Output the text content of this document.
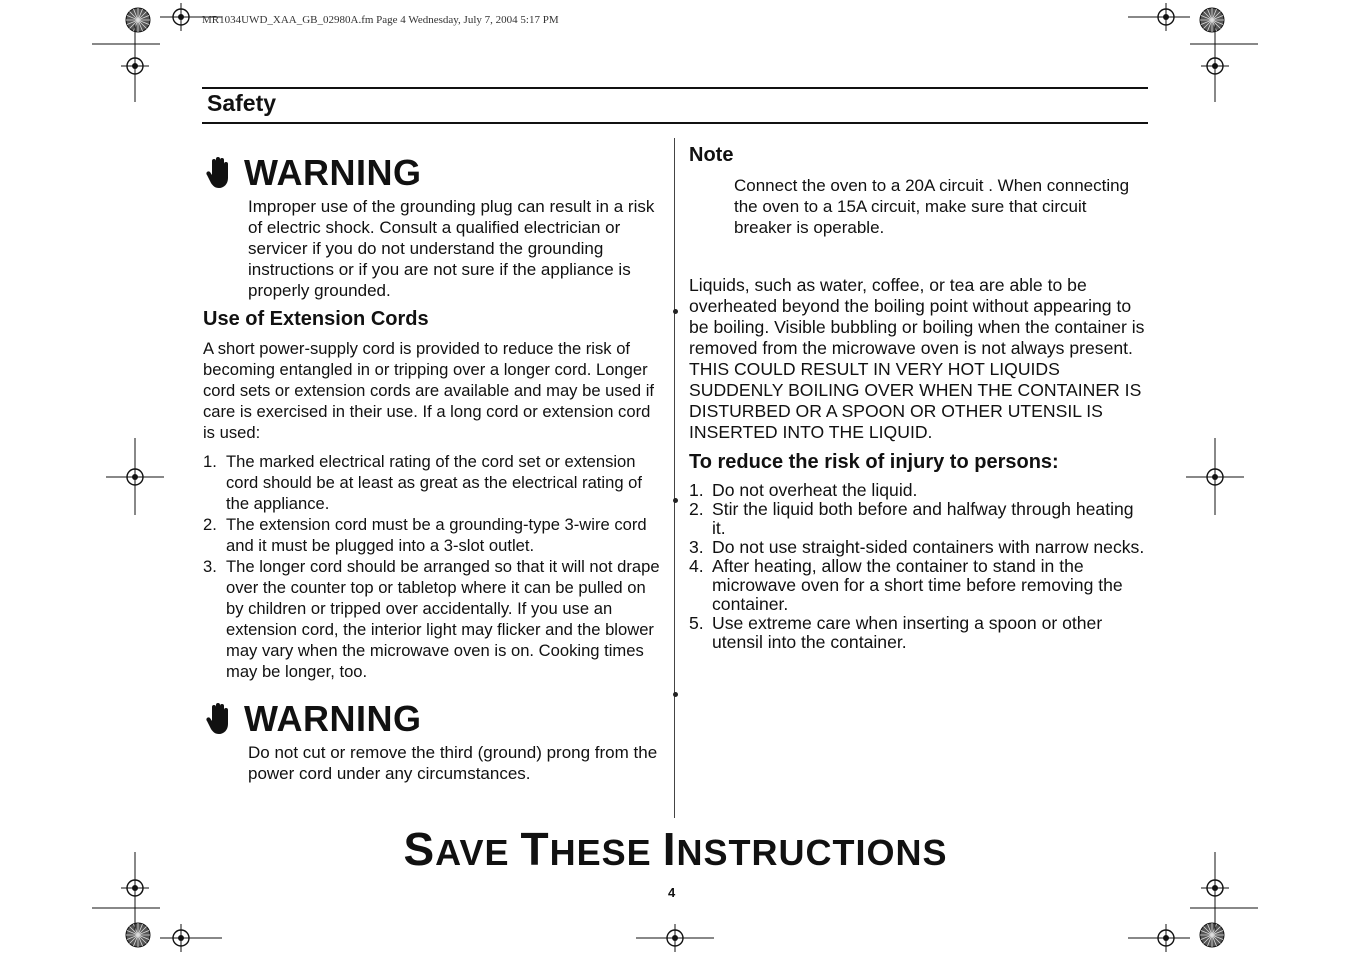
MR1034UWD_XAA_GB_02980A.fm Page 4 Wednesday, July 7, 2004 5:17 PM
Safety
WARNING
Improper use of the grounding plug can result in a risk of electric shock. Consult a qualified electrician or servicer if you do not understand the grounding instructions or if you are not sure if the appliance is properly grounded.
Use of Extension Cords
A short power-supply cord is provided to reduce the risk of becoming entangled in or tripping over a longer cord. Longer cord sets or extension cords are available and may be used if care is exercised in their use. If a long cord or extension cord is used:
1. The marked electrical rating of the cord set or extension cord should be at least as great as the electrical rating of the appliance.
2. The extension cord must be a grounding-type 3-wire cord and it must be plugged into a 3-slot outlet.
3. The longer cord should be arranged so that it will not drape over the counter top or tabletop where it can be pulled on by children or tripped over accidentally. If you use an extension cord, the interior light may flicker and the blower may vary when the microwave oven is on. Cooking times may be longer, too.
WARNING
Do not cut or remove the third (ground) prong from the power cord under any circumstances.
Note
Connect the oven to a 20A circuit . When connecting the oven to a 15A circuit, make sure that circuit breaker is operable.
Liquids, such as water, coffee, or tea are able to be overheated beyond the boiling point without appearing to be boiling. Visible bubbling or boiling when the container is removed from the microwave oven is not always present. THIS COULD RESULT IN VERY HOT LIQUIDS SUDDENLY BOILING OVER WHEN THE CONTAINER IS DISTURBED OR A SPOON OR OTHER UTENSIL IS INSERTED INTO THE LIQUID.
To reduce the risk of injury to persons:
1. Do not overheat the liquid.
2. Stir the liquid both before and halfway through heating it.
3. Do not use straight-sided containers with narrow necks.
4. After heating, allow the container to stand in the microwave oven for a short time before removing the container.
5. Use extreme care when inserting a spoon or other utensil into the container.
SAVE THESE INSTRUCTIONS
4
